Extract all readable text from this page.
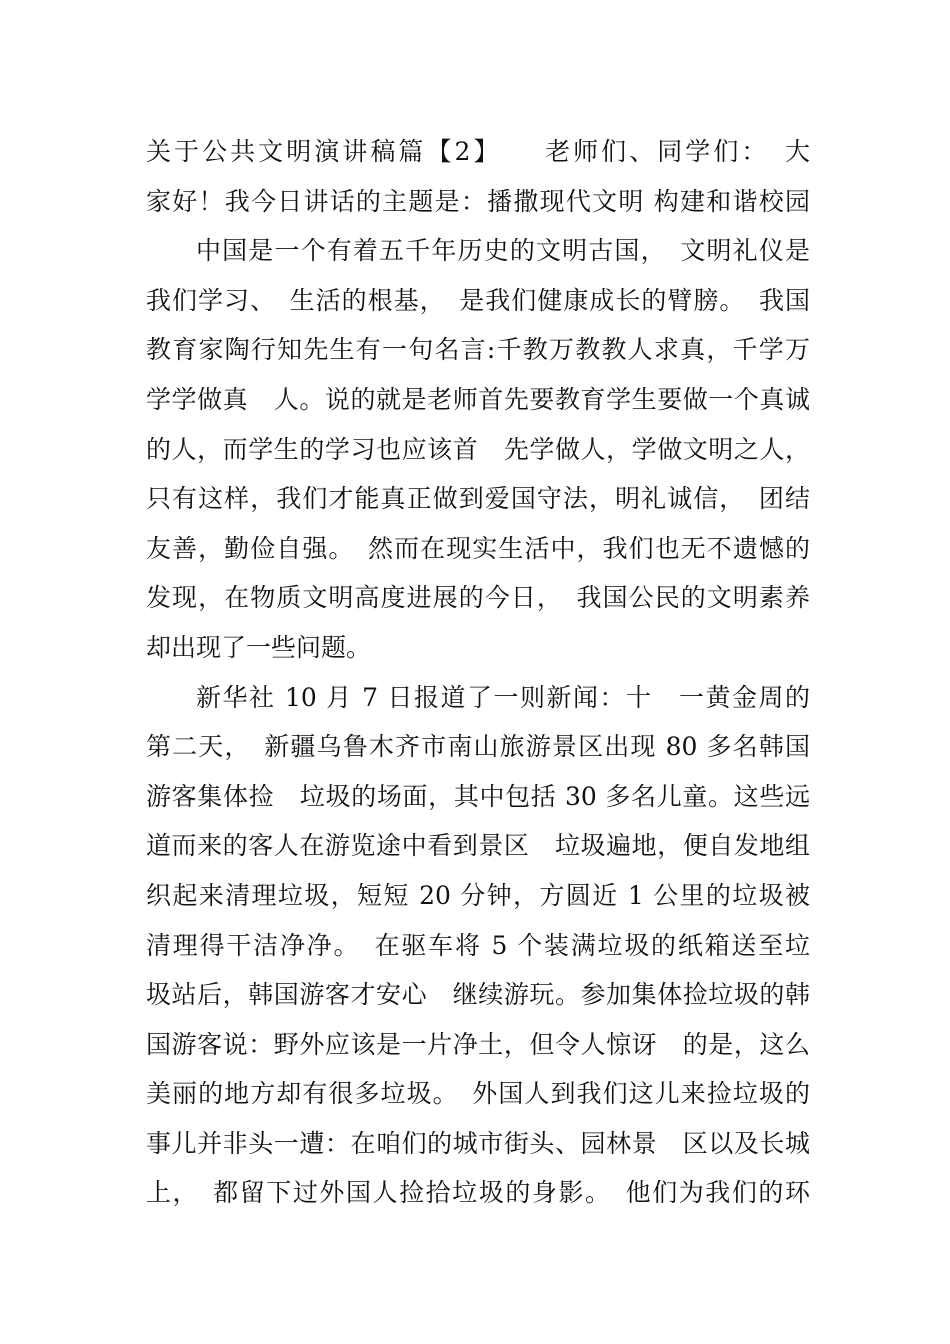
关于公共文明演讲稿篇【2】　　老师们、同学们：　大
家好！我今日讲话的主题是：播撒现代文明 构建和谐校园
中国是一个有着五千年历史的文明古国，　文明礼仪是
我们学习、　生活的根基，　是我们健康成长的臂膀。　我国
教育家陶行知先生有一句名言:千教万教教人求真，千学万
学学做真　人。说的就是老师首先要教育学生要做一个真诚
的人，而学生的学习也应该首　先学做人，学做文明之人，
只有这样，我们才能真正做到爱国守法，明礼诚信，　团结
友善，勤俭自强。　然而在现实生活中，我们也无不遗憾的
发现，在物质文明高度进展的今日，　我国公民的文明素养
却出现了一些问题。
新华社 10 月 7 日报道了一则新闻：十　一黄金周的
第二天，　新疆乌鲁木齐市南山旅游景区出现 80 多名韩国
游客集体捡　垃圾的场面，其中包括 30 多名儿童。这些远
道而来的客人在游览途中看到景区　垃圾遍地，便自发地组
织起来清理垃圾，短短 20 分钟，方圆近 1 公里的垃圾被
清理得干洁净净。　在驱车将 5 个装满垃圾的纸箱送至垃
圾站后，韩国游客才安心　继续游玩。参加集体捡垃圾的韩
国游客说：野外应该是一片净土，但令人惊讶　的是，这么
美丽的地方却有很多垃圾。　外国人到我们这儿来捡垃圾的
事儿并非头一遭：在咱们的城市街头、园林景　区以及长城
上，　都留下过外国人捡拾垃圾的身影。　他们为我们的环
